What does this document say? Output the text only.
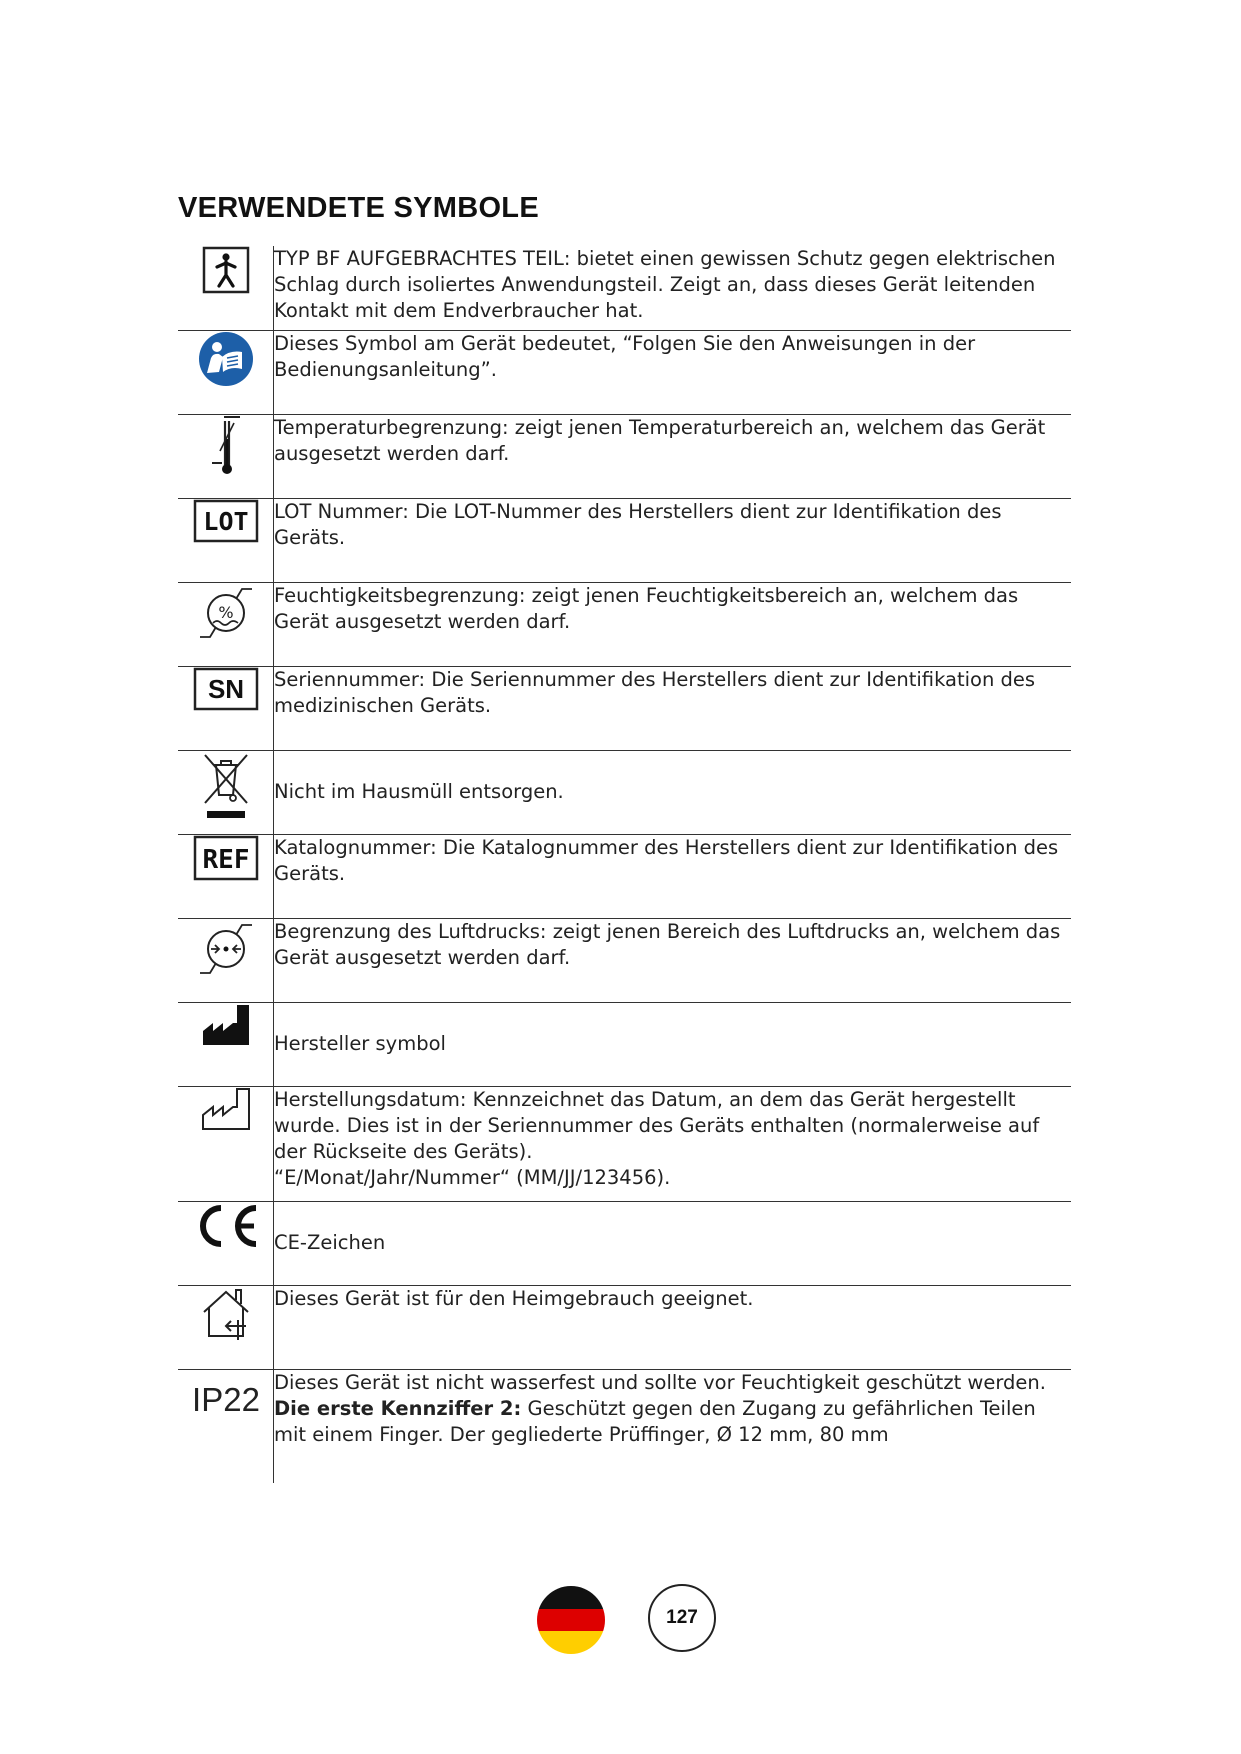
VERWENDETE SYMBOLE
	TYP BF AUFGEBRACHTES TEIL: bietet einen gewissen Schutz gegen elektrischen Schlag durch isoliertes Anwendungsteil. Zeigt an, dass dieses Gerät leitenden Kontakt mit dem Endverbraucher hat.

	Dieses Symbol am Gerät bedeutet, “Folgen Sie den Anweisungen in der Bedienungsanleitung”.

	Temperaturbegrenzung: zeigt jenen Temperaturbereich an, welchem das Gerät ausgesetzt werden darf.

LOT	LOT Nummer: Die LOT-Nummer des Herstellers dient zur Identifikation des Geräts.

%	Feuchtigkeitsbegrenzung: zeigt jenen Feuchtigkeitsbereich an, welchem das Gerät ausgesetzt werden darf.

SN	Seriennummer: Die Seriennummer des Herstellers dient zur Identifikation des medizinischen Geräts.

	Nicht im Hausmüll entsorgen.

REF	Katalognummer: Die Katalognummer des Herstellers dient zur Identifikation des Geräts.

	Begrenzung des Luftdrucks: zeigt jenen Bereich des Luftdrucks an, welchem das Gerät ausgesetzt werden darf.

	Hersteller symbol

	Herstellungsdatum: Kennzeichnet das Datum, an dem das Gerät hergestellt wurde. Dies ist in der Seriennummer des Geräts enthalten (normalerweise auf der Rückseite des Geräts).
“E/Monat/Jahr/Nummer“ (MM/JJ/123456).

CE	CE-Zeichen

	Dieses Gerät ist für den Heimgebrauch geeignet.

IP22	Dieses Gerät ist nicht wasserfest und sollte vor Feuchtigkeit geschützt werden.
Die erste Kennziffer 2: Geschützt gegen den Zugang zu gefährlichen Teilen mit einem Finger. Der gegliederte Prüffinger, Ø 12 mm, 80 mm
127
